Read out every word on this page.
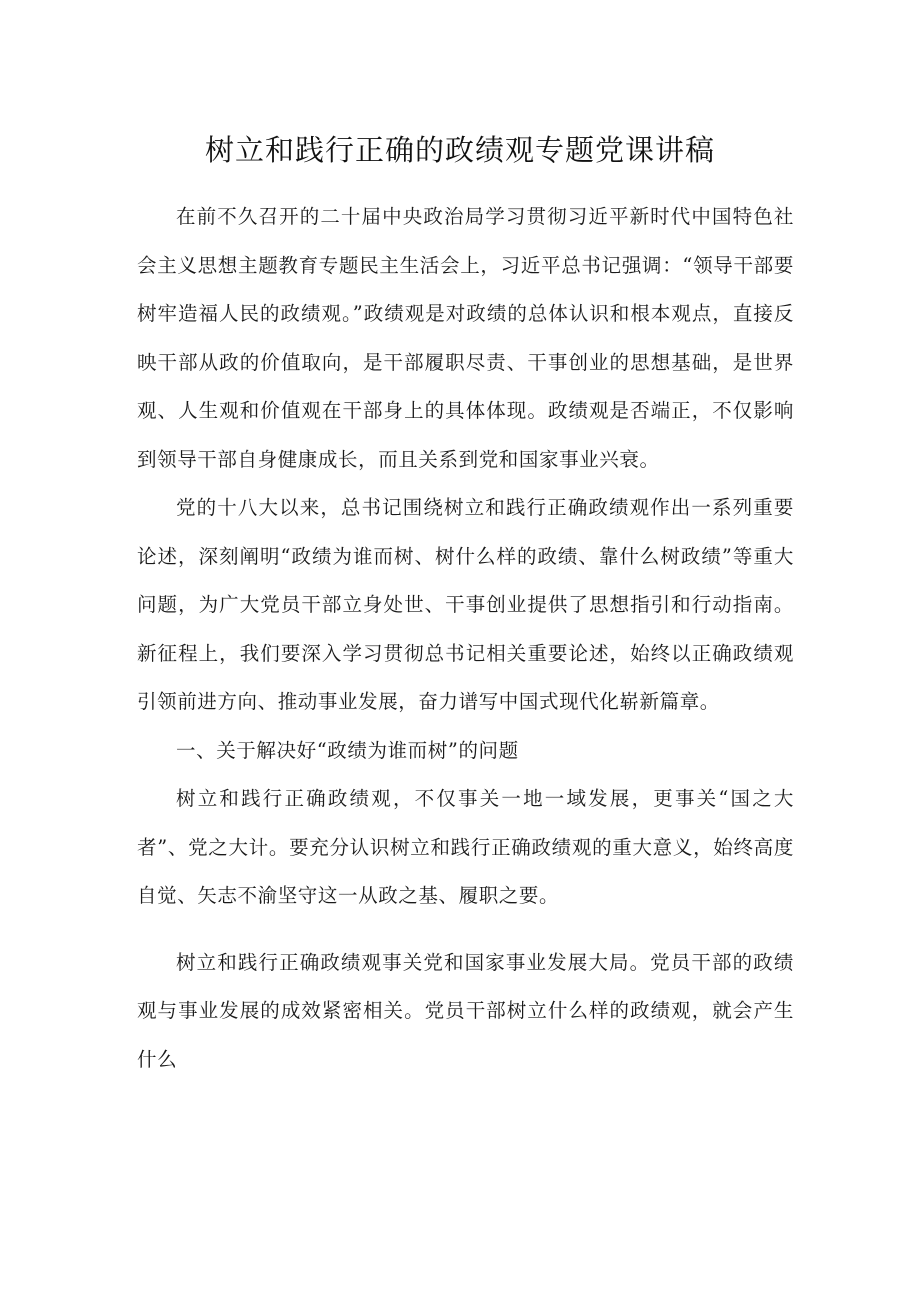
树立和践行正确的政绩观专题党课讲稿

在前不久召开的二十届中央政治局学习贯彻习近平新时代中国特色社会主义思想主题教育专题民主生活会上，习近平总书记强调：“领导干部要树牢造福人民的政绩观。”政绩观是对政绩的总体认识和根本观点，直接反映干部从政的价值取向，是干部履职尽责、干事创业的思想基础，是世界观、人生观和价值观在干部身上的具体体现。政绩观是否端正，不仅影响到领导干部自身健康成长，而且关系到党和国家事业兴衰。

党的十八大以来，总书记围绕树立和践行正确政绩观作出一系列重要论述，深刻阐明“政绩为谁而树、树什么样的政绩、靠什么树政绩”等重大问题，为广大党员干部立身处世、干事创业提供了思想指引和行动指南。新征程上，我们要深入学习贯彻总书记相关重要论述，始终以正确政绩观引领前进方向、推动事业发展，奋力谱写中国式现代化崭新篇章。

一、关于解决好“政绩为谁而树”的问题

树立和践行正确政绩观，不仅事关一地一域发展，更事关“国之大者”、党之大计。要充分认识树立和践行正确政绩观的重大意义，始终高度自觉、矢志不渝坚守这一从政之基、履职之要。

树立和践行正确政绩观事关党和国家事业发展大局。党员干部的政绩观与事业发展的成效紧密相关。党员干部树立什么样的政绩观，就会产生什么
